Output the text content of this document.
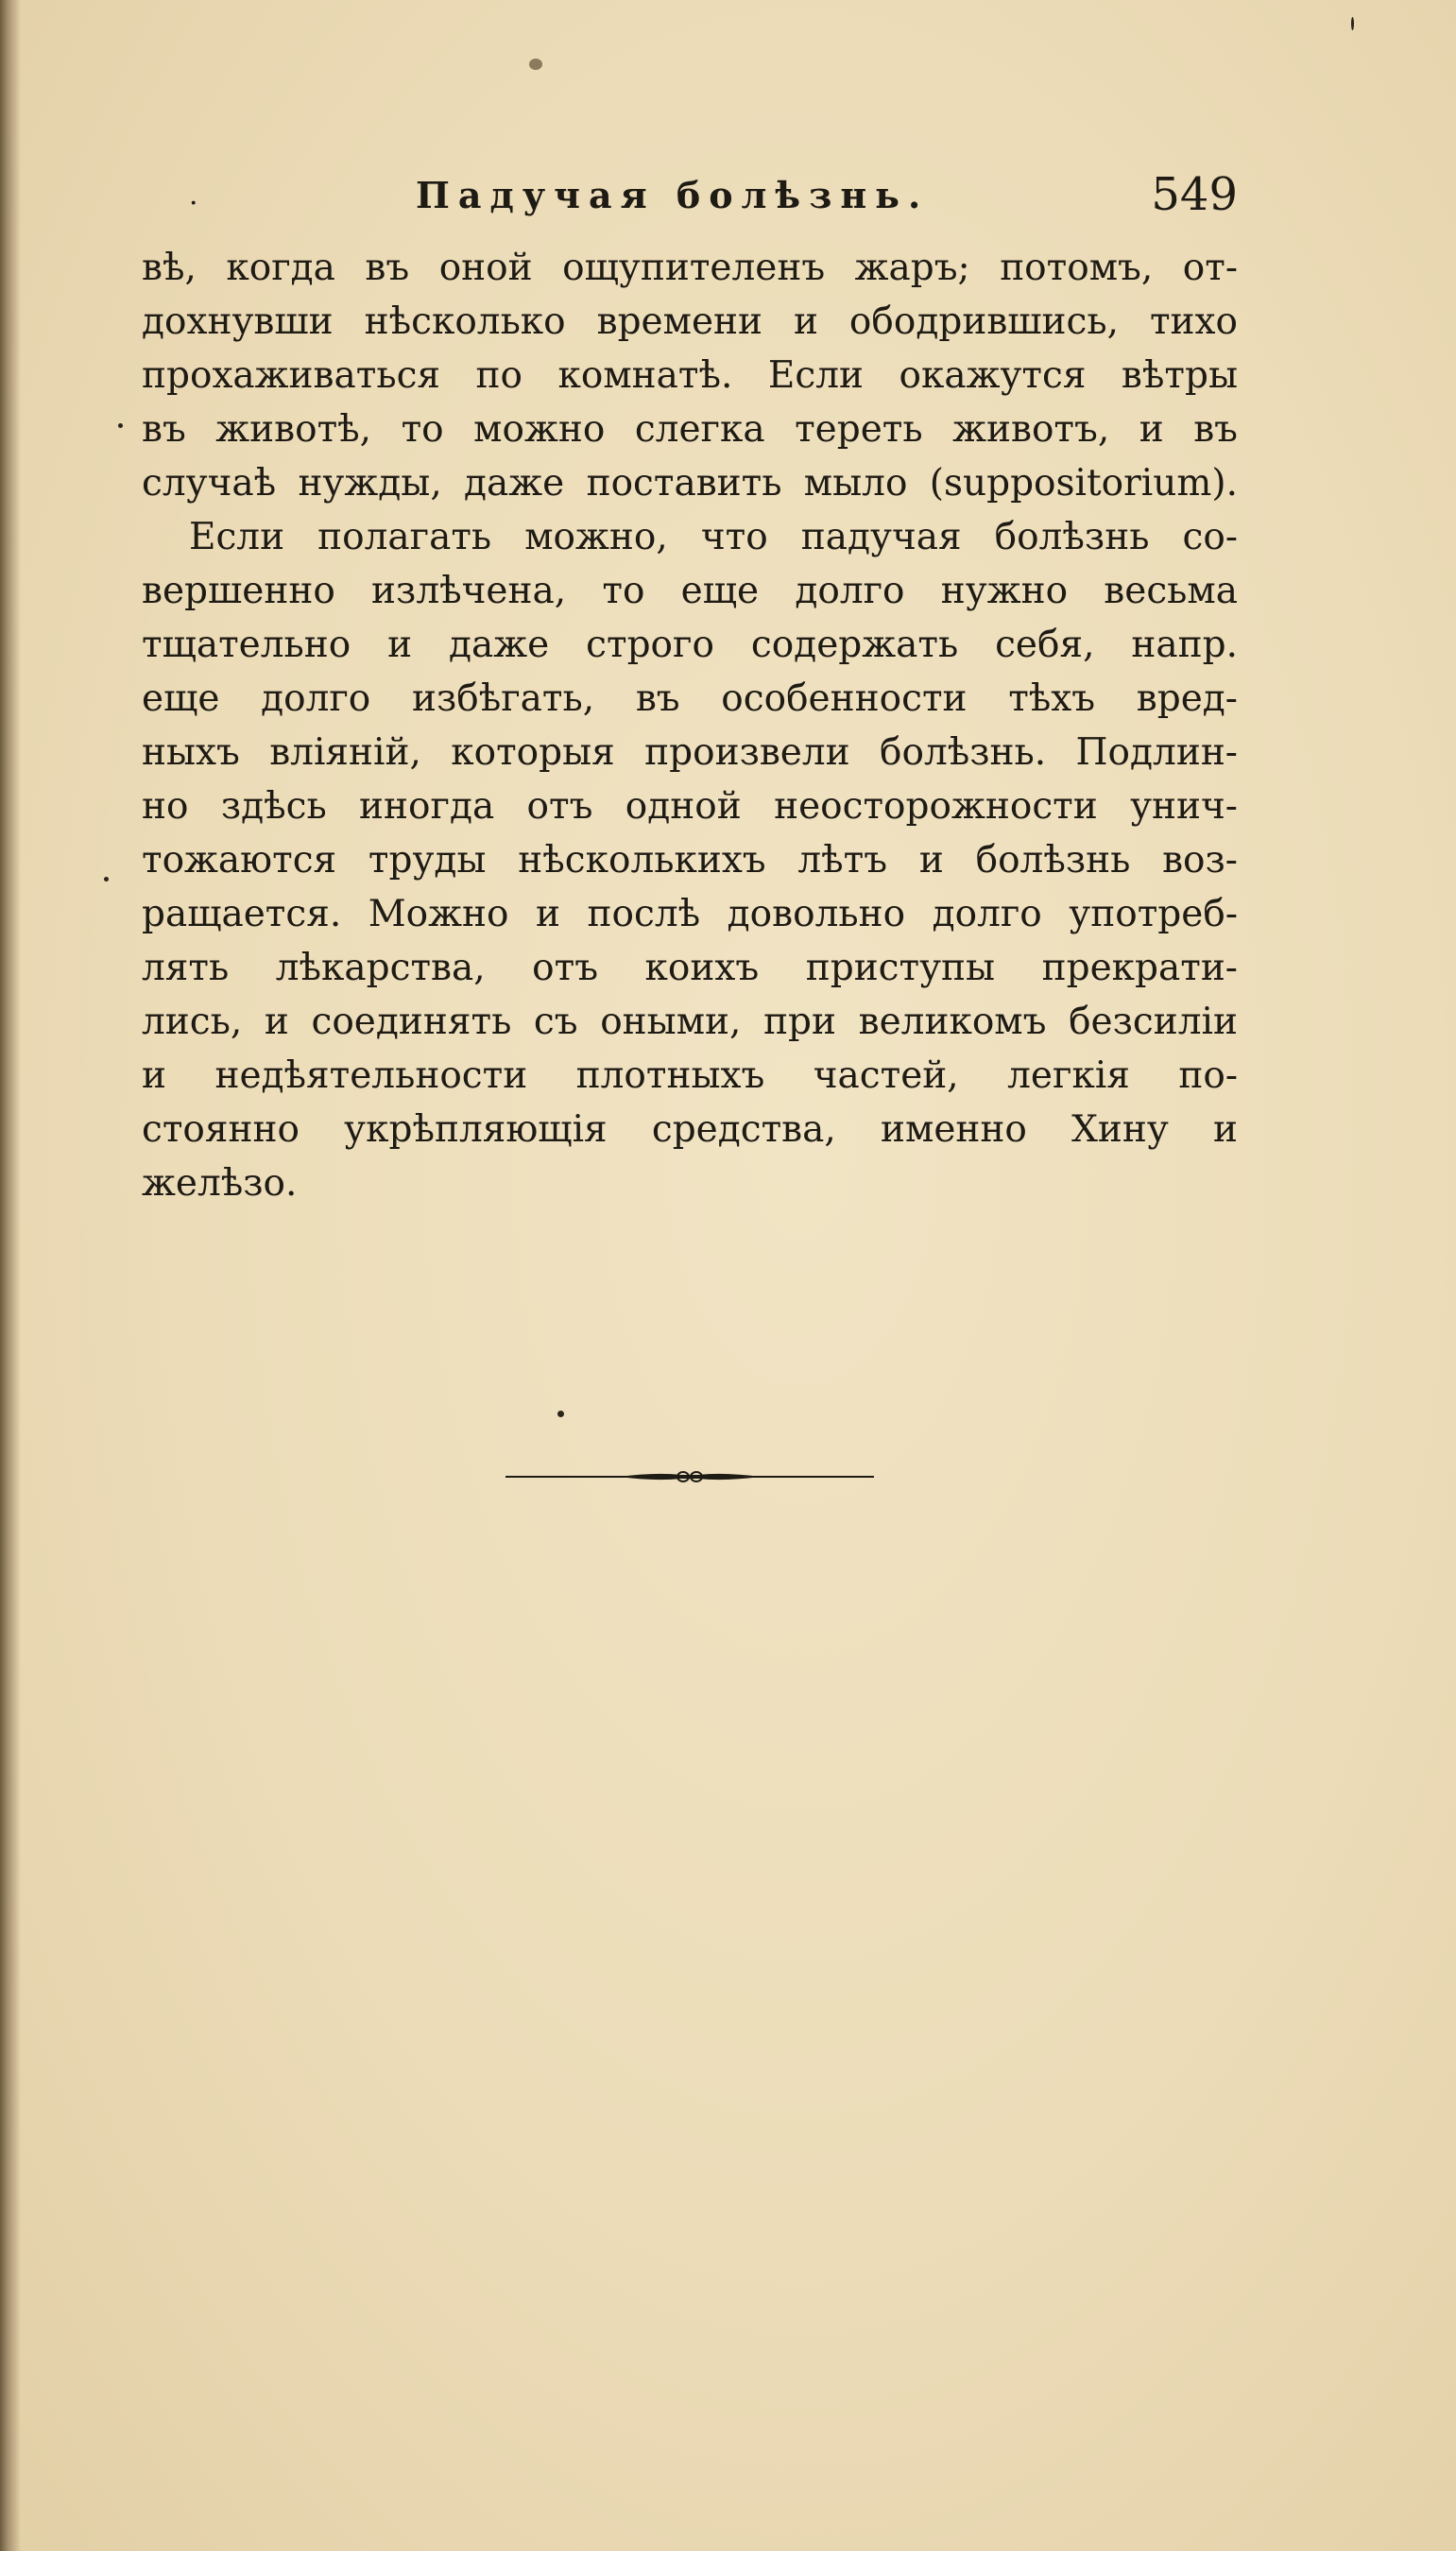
·	Падучая болѣзнь.	549
вѣ, когда въ оной ощупителенъ жаръ; потомъ, от-
дохнувши нѣсколько времени и ободрившись, тихо
прохаживаться по комнатѣ. Если окажутся вѣтры
въ животѣ, то можно слегка тереть животъ, и въ
случаѣ нужды, даже поставить мыло (suppositorium).
Если полагать можно, что падучая болѣзнь со-
вершенно излѣчена, то еще долго нужно весьма
тщательно и даже строго содержать себя, напр.
еще долго избѣгать, въ особенности тѣхъ вред-
ныхъ влiянiй, которыя произвели болѣзнь. Подлин-
но здѣсь иногда отъ одной неосторожности унич-
тожаются труды нѣсколькихъ лѣтъ и болѣзнь воз-
ращается. Можно и послѣ довольно долго употреб-
лять лѣкарства, отъ коихъ приступы прекрати-
лись, и соединять съ оными, при великомъ безсилiи
и недѣятельности плотныхъ частей, легкiя по-
стоянно укрѣпляющiя средства, именно Хину и
желѣзо.
